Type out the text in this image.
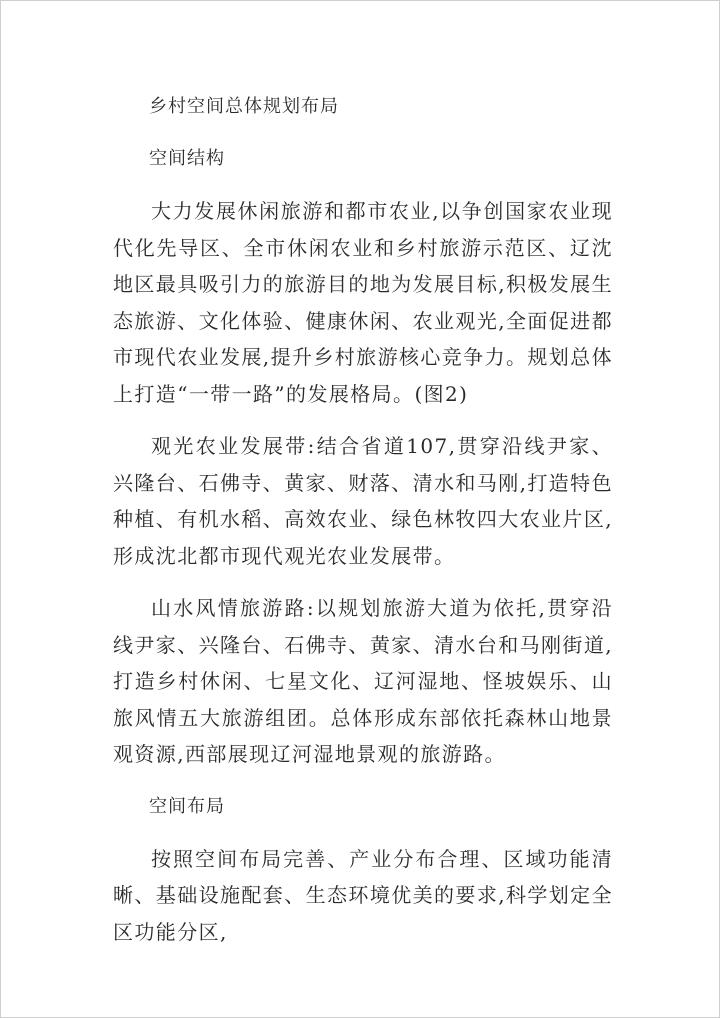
乡村空间总体规划布局
空间结构

大力发展休闲旅游和都市农业,以争创国家农业现代化先导区、全市休闲农业和乡村旅游示范区、辽沈地区最具吸引力的旅游目的地为发展目标,积极发展生态旅游、文化体验、健康休闲、农业观光,全面促进都市现代农业发展,提升乡村旅游核心竞争力。规划总体上打造“一带一路”的发展格局。(图2)

观光农业发展带:结合省道107,贯穿沿线尹家、兴隆台、石佛寺、黄家、财落、清水和马刚,打造特色种植、有机水稻、高效农业、绿色林牧四大农业片区,形成沈北都市现代观光农业发展带。

山水风情旅游路:以规划旅游大道为依托,贯穿沿线尹家、兴隆台、石佛寺、黄家、清水台和马刚街道,打造乡村休闲、七星文化、辽河湿地、怪坡娱乐、山旅风情五大旅游组团。总体形成东部依托森林山地景观资源,西部展现辽河湿地景观的旅游路。

空间布局

按照空间布局完善、产业分布合理、区域功能清晰、基础设施配套、生态环境优美的要求,科学划定全区功能分区,
